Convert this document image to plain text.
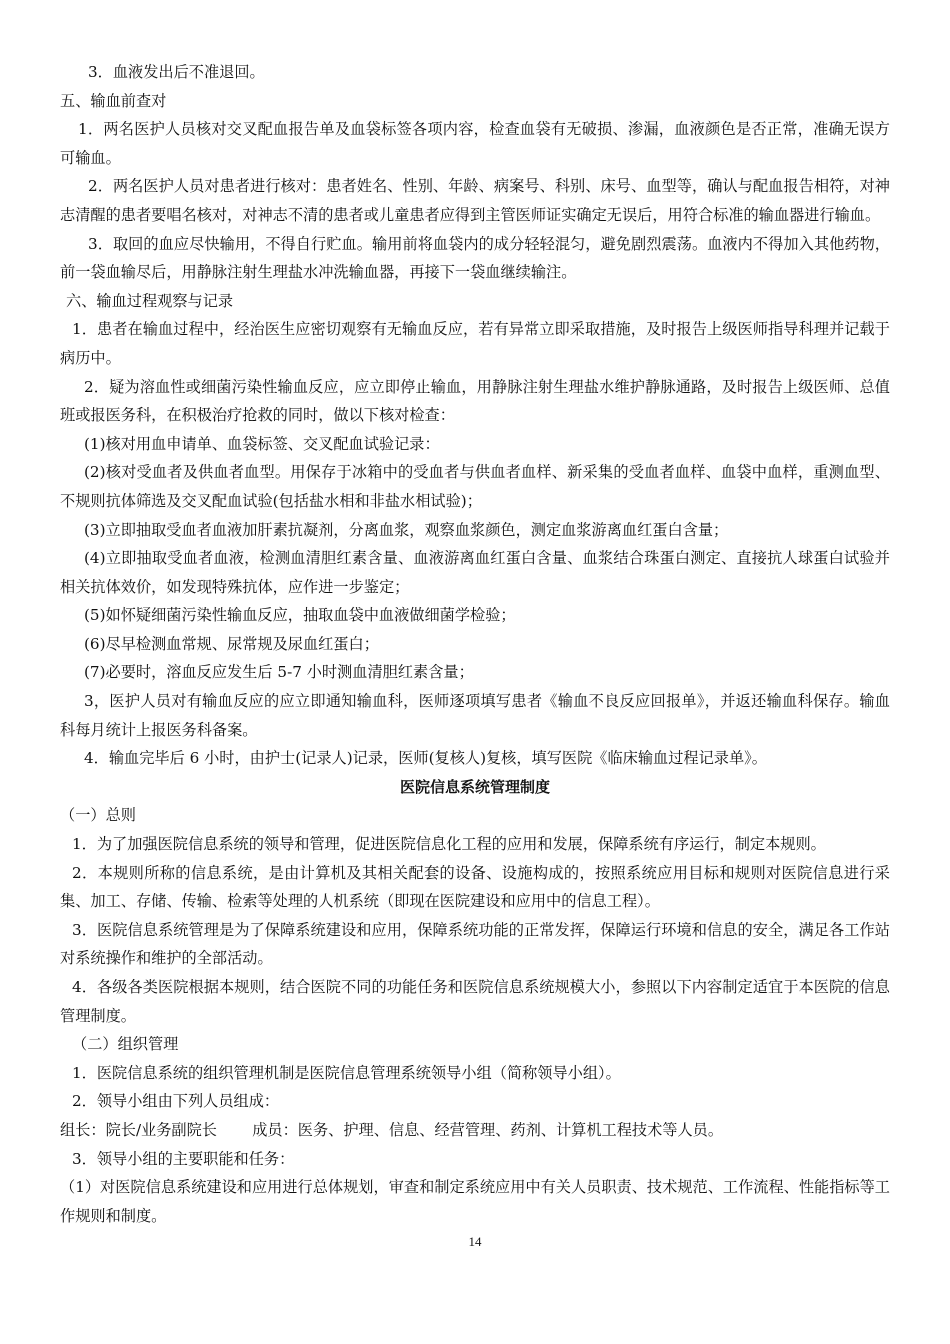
3．血液发出后不准退回。

五、输血前查对

1．两名医护人员核对交叉配血报告单及血袋标签各项内容，检查血袋有无破损、渗漏，血液颜色是否正常，准确无误方可输血。

2．两名医护人员对患者进行核对：患者姓名、性别、年龄、病案号、科别、床号、血型等，确认与配血报告相符，对神志清醒的患者要唱名核对，对神志不清的患者或儿童患者应得到主管医师证实确定无误后，用符合标准的输血器进行输血。

3．取回的血应尽快输用，不得自行贮血。输用前将血袋内的成分轻轻混匀，避免剧烈震荡。血液内不得加入其他药物，前一袋血输尽后，用静脉注射生理盐水冲洗输血器，再接下一袋血继续输注。

六、输血过程观察与记录

1．患者在输血过程中，经治医生应密切观察有无输血反应，若有异常立即采取措施，及时报告上级医师指导科理并记载于病历中。

2．疑为溶血性或细菌污染性输血反应，应立即停止输血，用静脉注射生理盐水维护静脉通路，及时报告上级医师、总值班或报医务科，在积极治疗抢救的同时，做以下核对检查：

(1)核对用血申请单、血袋标签、交叉配血试验记录：

(2)核对受血者及供血者血型。用保存于冰箱中的受血者与供血者血样、新采集的受血者血样、血袋中血样，重测血型、不规则抗体筛选及交叉配血试验(包括盐水相和非盐水相试验)；

(3)立即抽取受血者血液加肝素抗凝剂，分离血浆，观察血浆颜色，测定血浆游离血红蛋白含量；

(4)立即抽取受血者血液，检测血清胆红素含量、血液游离血红蛋白含量、血浆结合珠蛋白测定、直接抗人球蛋白试验并相关抗体效价，如发现特殊抗体，应作进一步鉴定；

(5)如怀疑细菌污染性输血反应，抽取血袋中血液做细菌学检验；

(6)尽早检测血常规、尿常规及尿血红蛋白；

(7)必要时，溶血反应发生后 5-7 小时测血清胆红素含量；

3，医护人员对有输血反应的应立即通知输血科，医师逐项填写患者《输血不良反应回报单》，并返还输血科保存。输血科每月统计上报医务科备案。

4．输血完毕后 6 小时，由护士(记录人)记录，医师(复核人)复核，填写医院《临床输血过程记录单》。

医院信息系统管理制度

（一）总则

1．为了加强医院信息系统的领导和管理，促进医院信息化工程的应用和发展，保障系统有序运行，制定本规则。

2．本规则所称的信息系统，是由计算机及其相关配套的设备、设施构成的，按照系统应用目标和规则对医院信息进行采集、加工、存储、传输、检索等处理的人机系统（即现在医院建设和应用中的信息工程）。

3．医院信息系统管理是为了保障系统建设和应用，保障系统功能的正常发挥，保障运行环境和信息的安全，满足各工作站对系统操作和维护的全部活动。

4．各级各类医院根据本规则，结合医院不同的功能任务和医院信息系统规模大小，参照以下内容制定适宜于本医院的信息管理制度。

（二）组织管理

1．医院信息系统的组织管理机制是医院信息管理系统领导小组（简称领导小组）。

2．领导小组由下列人员组成：

组长：院长/业务副院长　　 成员：医务、护理、信息、经营管理、药剂、计算机工程技术等人员。

3．领导小组的主要职能和任务：

（1）对医院信息系统建设和应用进行总体规划，审查和制定系统应用中有关人员职责、技术规范、工作流程、性能指标等工作规则和制度。

14
